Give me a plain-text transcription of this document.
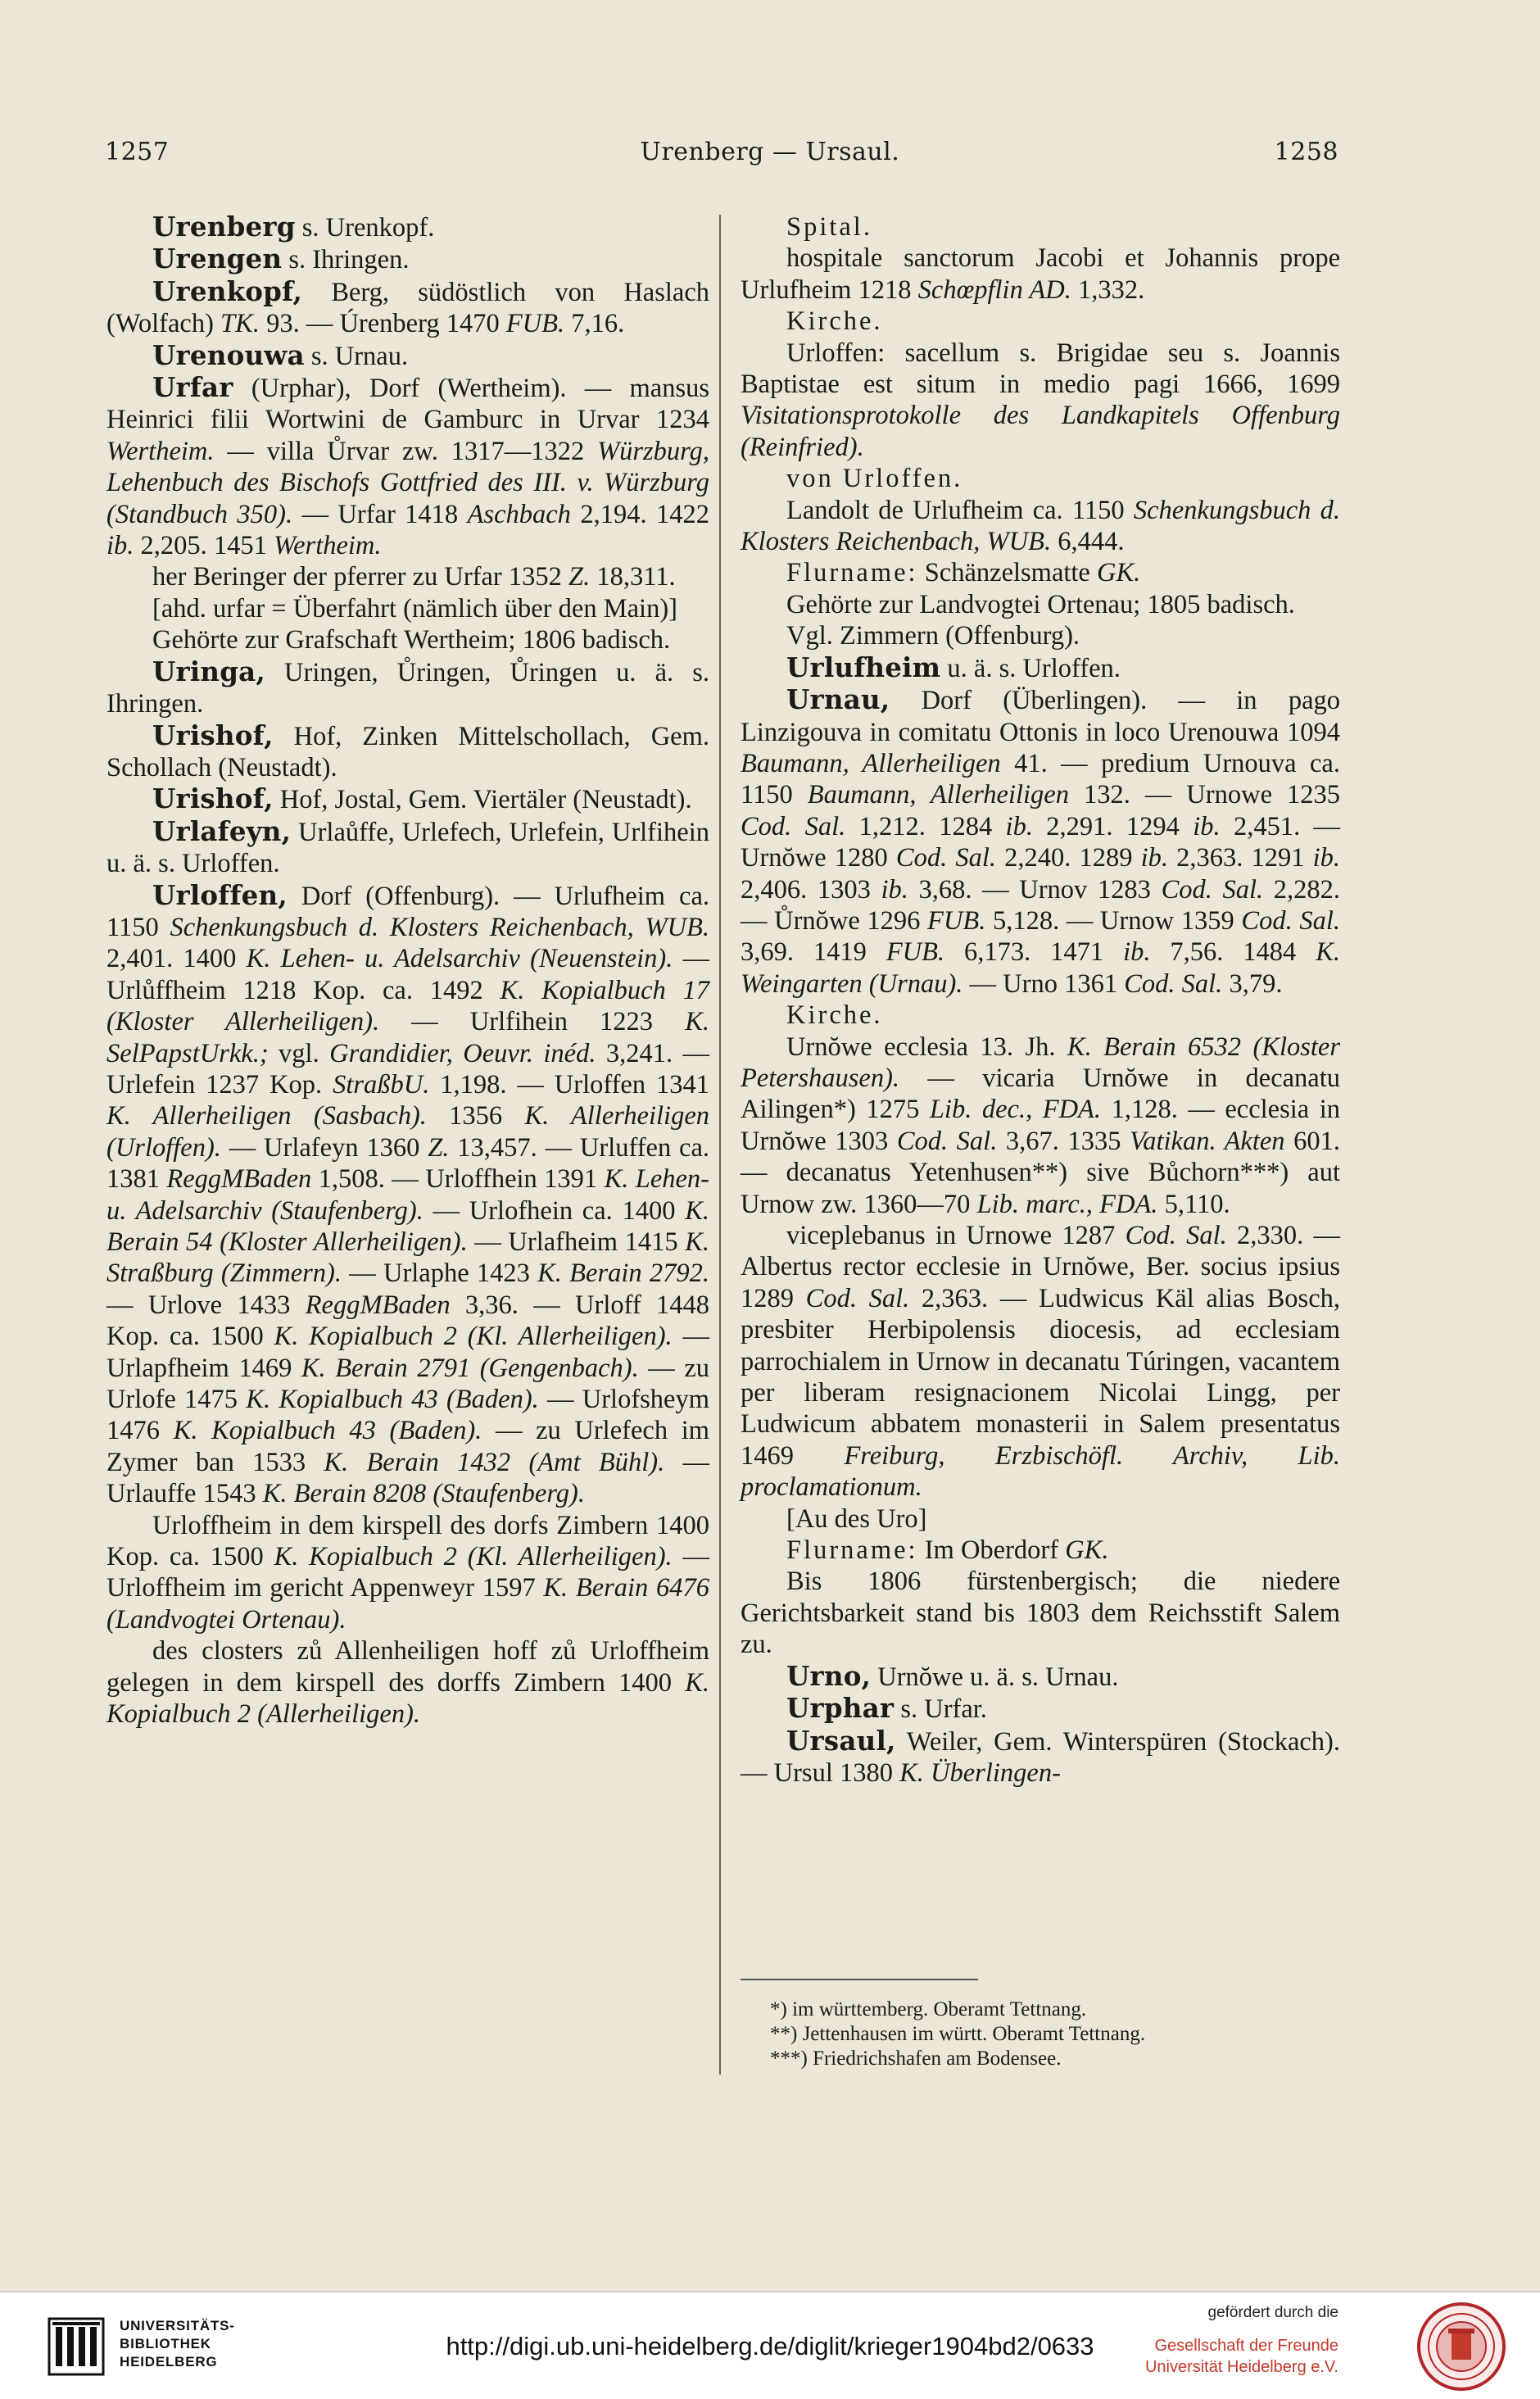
1257	Urenberg — Ursaul.	1258

Urenberg s. Urenkopf.

Urengen s. Ihringen.

Urenkopf, Berg, südöstlich von Haslach (Wolfach) TK. 93. — Úrenberg 1470 FUB. 7,16.

Urenouwa s. Urnau.

Urfar (Urphar), Dorf (Wertheim). — mansus Heinrici filii Wortwini de Gamburc in Urvar 1234 Wertheim. — villa Ůrvar zw. 1317—1322 Würzburg, Lehenbuch des Bischofs Gottfried des III. v. Würzburg (Standbuch 350). — Urfar 1418 Aschbach 2,194. 1422 ib. 2,205. 1451 Wertheim.

her Beringer der pferrer zu Urfar 1352 Z. 18,311.

[ahd. urfar = Überfahrt (nämlich über den Main)]

Gehörte zur Grafschaft Wertheim; 1806 badisch.

Uringa, Uringen, Ůringen, Ůringen u. ä. s. Ihringen.

Urishof, Hof, Zinken Mittelschollach, Gem. Schollach (Neustadt).

Urishof, Hof, Jostal, Gem. Viertäler (Neustadt).

Urlafeyn, Urlaůffe, Urlefech, Urlefein, Urlfihein u. ä. s. Urloffen.

Urloffen, Dorf (Offenburg). — Urlufheim ca. 1150 Schenkungsbuch d. Klosters Reichenbach, WUB. 2,401. 1400 K. Lehen- u. Adelsarchiv (Neuenstein). — Urlůffheim 1218 Kop. ca. 1492 K. Kopialbuch 17 (Kloster Allerheiligen). — Urlfihein 1223 K. SelPapstUrkk.; vgl. Grandidier, Oeuvr. inéd. 3,241. — Urlefein 1237 Kop. StraßbU. 1,198. — Urloffen 1341 K. Allerheiligen (Sasbach). 1356 K. Allerheiligen (Urloffen). — Urlafeyn 1360 Z. 13,457. — Urluffen ca. 1381 ReggMBaden 1,508. — Urloffhein 1391 K. Lehen- u. Adelsarchiv (Staufenberg). — Urlofhein ca. 1400 K. Berain 54 (Kloster Allerheiligen). — Urlafheim 1415 K. Straßburg (Zimmern). — Urlaphe 1423 K. Berain 2792. — Urlove 1433 ReggMBaden 3,36. — Urloff 1448 Kop. ca. 1500 K. Kopialbuch 2 (Kl. Allerheiligen). — Urlapfheim 1469 K. Berain 2791 (Gengenbach). — zu Urlofe 1475 K. Kopialbuch 43 (Baden). — Urlofsheym 1476 K. Kopialbuch 43 (Baden). — zu Urlefech im Zymer ban 1533 K. Berain 1432 (Amt Bühl). — Urlauffe 1543 K. Berain 8208 (Staufenberg).

Urloffheim in dem kirspell des dorfs Zimbern 1400 Kop. ca. 1500 K. Kopialbuch 2 (Kl. Allerheiligen). — Urloffheim im gericht Appenweyr 1597 K. Berain 6476 (Landvogtei Ortenau).

des closters zů Allenheiligen hoff zů Urloffheim gelegen in dem kirspell des dorffs Zimbern 1400 K. Kopialbuch 2 (Allerheiligen).

Spital.

hospitale sanctorum Jacobi et Johannis prope Urlufheim 1218 Schœpflin AD. 1,332.

Kirche.

Urloffen: sacellum s. Brigidae seu s. Joannis Baptistae est situm in medio pagi 1666, 1699 Visitationsprotokolle des Landkapitels Offenburg (Reinfried).

von Urloffen.

Landolt de Urlufheim ca. 1150 Schenkungsbuch d. Klosters Reichenbach, WUB. 6,444.

Flurname: Schänzelsmatte GK.

Gehörte zur Landvogtei Ortenau; 1805 badisch.

Vgl. Zimmern (Offenburg).

Urlufheim u. ä. s. Urloffen.

Urnau, Dorf (Überlingen). — in pago Linzigouva in comitatu Ottonis in loco Urenouwa 1094 Baumann, Allerheiligen 41. — predium Urnouva ca. 1150 Baumann, Allerheiligen 132. — Urnowe 1235 Cod. Sal. 1,212. 1284 ib. 2,291. 1294 ib. 2,451. — Urnŏwe 1280 Cod. Sal. 2,240. 1289 ib. 2,363. 1291 ib. 2,406. 1303 ib. 3,68. — Urnov 1283 Cod. Sal. 2,282. — Ůrnŏwe 1296 FUB. 5,128. — Urnow 1359 Cod. Sal. 3,69. 1419 FUB. 6,173. 1471 ib. 7,56. 1484 K. Weingarten (Urnau). — Urno 1361 Cod. Sal. 3,79.

Kirche.

Urnŏwe ecclesia 13. Jh. K. Berain 6532 (Kloster Petershausen). — vicaria Urnŏwe in decanatu Ailingen*) 1275 Lib. dec., FDA. 1,128. — ecclesia in Urnŏwe 1303 Cod. Sal. 3,67. 1335 Vatikan. Akten 601. — decanatus Yetenhusen**) sive Bůchorn***) aut Urnow zw. 1360—70 Lib. marc., FDA. 5,110.

viceplebanus in Urnowe 1287 Cod. Sal. 2,330. — Albertus rector ecclesie in Urnŏwe, Ber. socius ipsius 1289 Cod. Sal. 2,363. — Ludwicus Käl alias Bosch, presbiter Herbipolensis diocesis, ad ecclesiam parrochialem in Urnow in decanatu Túringen, vacantem per liberam resignacionem Nicolai Lingg, per Ludwicum abbatem monasterii in Salem presentatus 1469 Freiburg, Erzbischöfl. Archiv, Lib. proclamationum.

[Au des Uro]

Flurname: Im Oberdorf GK.

Bis 1806 fürstenbergisch; die niedere Gerichtsbarkeit stand bis 1803 dem Reichsstift Salem zu.

Urno, Urnŏwe u. ä. s. Urnau.

Urphar s. Urfar.

Ursaul, Weiler, Gem. Winterspüren (Stockach). — Ursul 1380 K. Überlingen-

*) im württemberg. Oberamt Tettnang.
**) Jettenhausen im württ. Oberamt Tettnang.
***) Friedrichshafen am Bodensee.
UNIVERSITÄTS-
BIBLIOTHEK
HEIDELBERG
http://digi.ub.uni-heidelberg.de/diglit/krieger1904bd2/0633
gefördert durch die
Gesellschaft der Freunde
Universität Heidelberg e.V.
